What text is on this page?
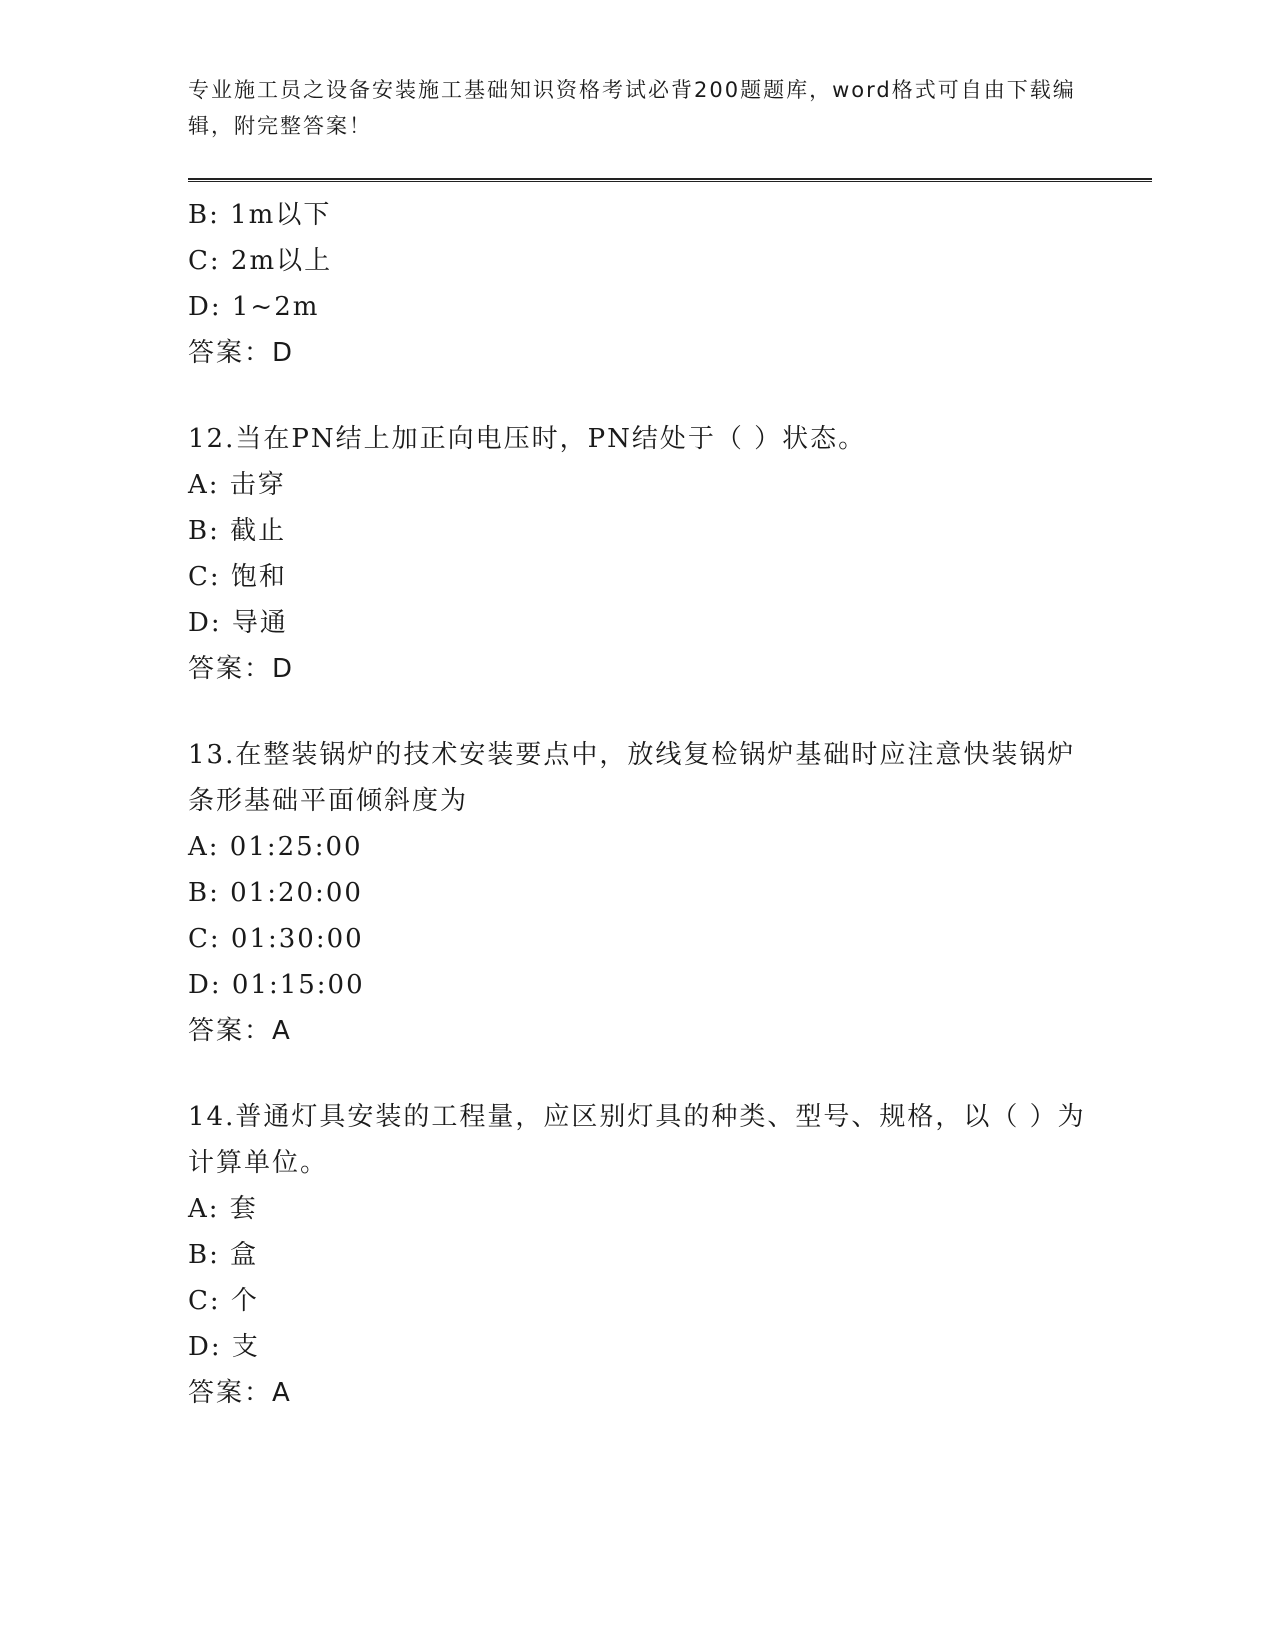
专业施工员之设备安装施工基础知识资格考试必背200题题库，word格式可自由下载编辑，附完整答案！
B: 1m以下
C: 2m以上
D: 1~2m
答案：D
12.当在PN结上加正向电压时，PN结处于（ ）状态。
A: 击穿
B: 截止
C: 饱和
D: 导通
答案：D
13.在整装锅炉的技术安装要点中，放线复检锅炉基础时应注意快装锅炉条形基础平面倾斜度为
A: 01:25:00
B: 01:20:00
C: 01:30:00
D: 01:15:00
答案：A
14.普通灯具安装的工程量，应区别灯具的种类、型号、规格，以（ ）为计算单位。
A: 套
B: 盒
C: 个
D: 支
答案：A
